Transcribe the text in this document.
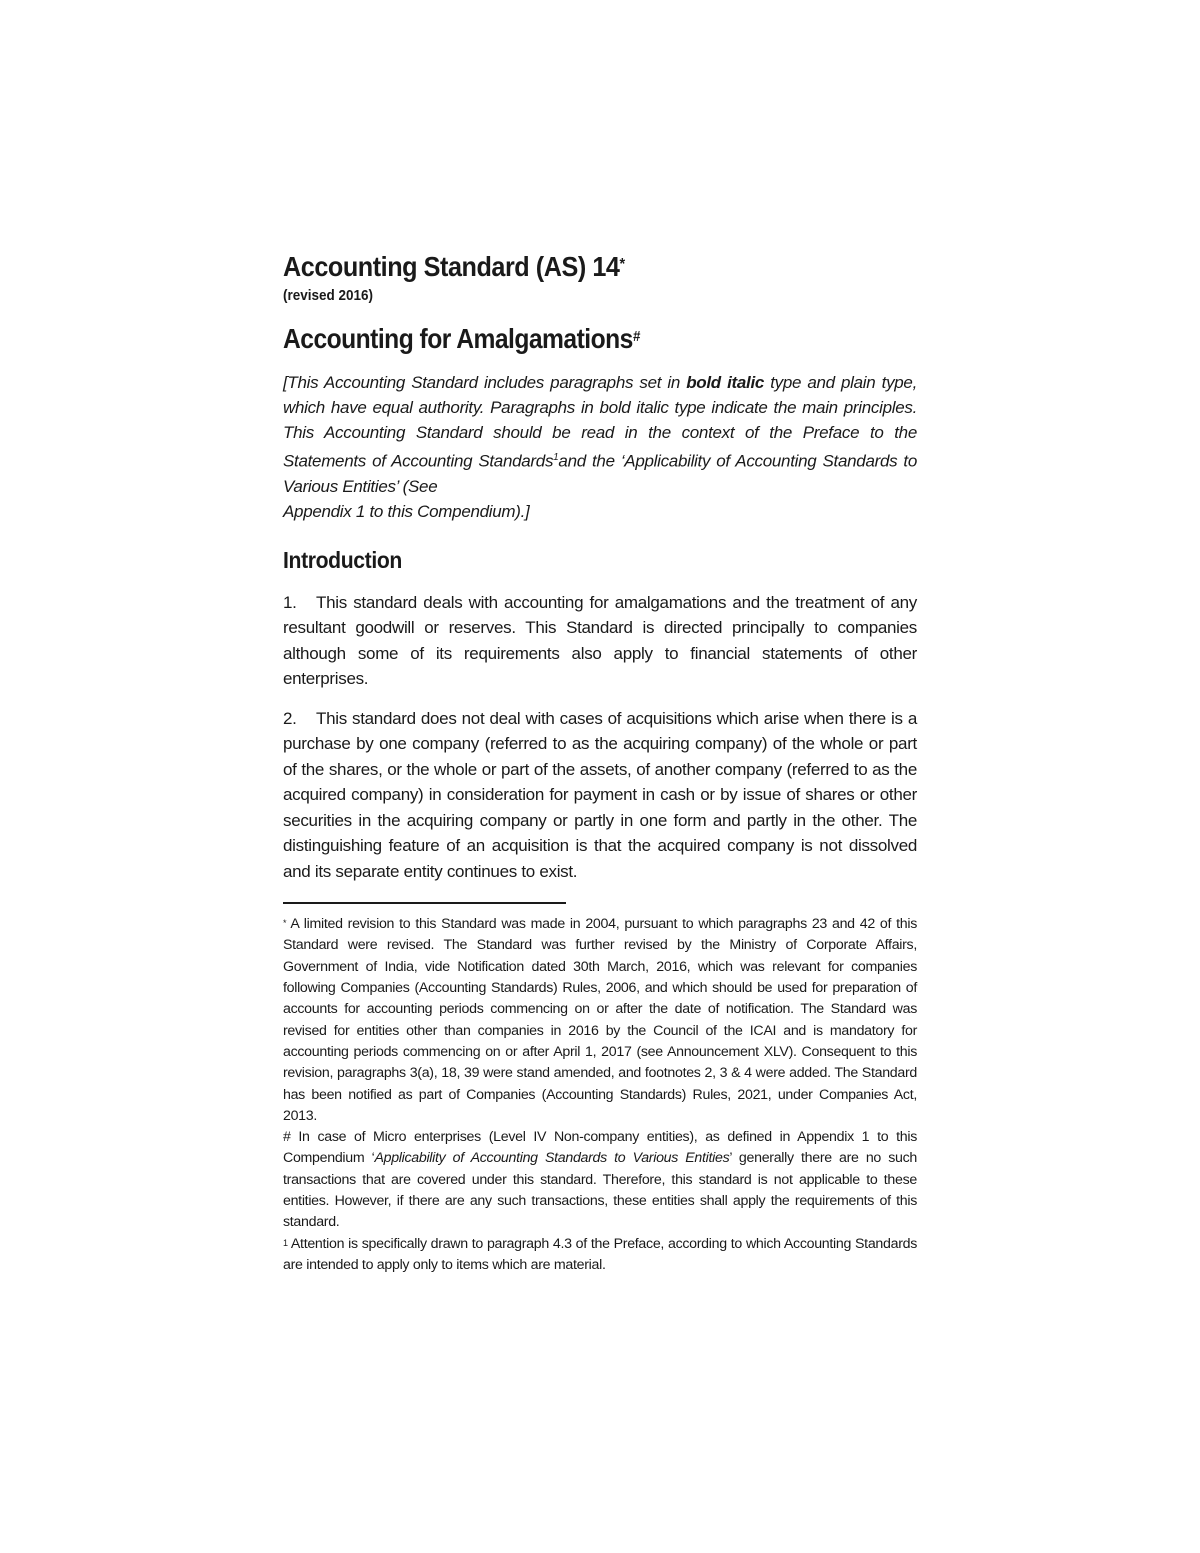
Accounting Standard (AS) 14*

(revised 2016)

Accounting for Amalgamations#

[This Accounting Standard includes paragraphs set in bold italic type and plain type, which have equal authority. Paragraphs in bold italic type indicate the main principles. This Accounting Standard should be read in the context of the Preface to the Statements of Accounting Standards$^1$and the ‘Applicability of Accounting Standards to Various Entities’ (See
Appendix 1 to this Compendium).]

Introduction

1. This standard deals with accounting for amalgamations and the treatment of any resultant goodwill or reserves. This Standard is directed principally to companies although some of its requirements also apply to financial statements of other enterprises.

2. This standard does not deal with cases of acquisitions which arise when there is a purchase by one company (referred to as the acquiring company) of the whole or part of the shares, or the whole or part of the assets, of another company (referred to as the acquired company) in consideration for payment in cash or by issue of shares or other securities in the acquiring company or partly in one form and partly in the other. The distinguishing feature of an acquisition is that the acquired company is not dissolved and its separate entity continues to exist.

* A limited revision to this Standard was made in 2004, pursuant to which paragraphs 23 and 42 of this Standard were revised. The Standard was further revised by the Ministry of Corporate Affairs, Government of India, vide Notification dated 30th March, 2016, which was relevant for companies following Companies (Accounting Standards) Rules, 2006, and which should be used for preparation of accounts for accounting periods commencing on or after the date of notification. The Standard was revised for entities other than companies in 2016 by the Council of the ICAI and is mandatory for accounting periods commencing on or after April 1, 2017 (see Announcement XLV). Consequent to this revision, paragraphs 3(a), 18, 39 were stand amended, and footnotes 2, 3 & 4 were added. The Standard has been notified as part of Companies (Accounting Standards) Rules, 2021, under Companies Act, 2013.

# In case of Micro enterprises (Level IV Non-company entities), as defined in Appendix 1 to this Compendium ‘Applicability of Accounting Standards to Various Entities’ generally there are no such transactions that are covered under this standard. Therefore, this standard is not applicable to these entities. However, if there are any such transactions, these entities shall apply the requirements of this standard.

$^1$ Attention is specifically drawn to paragraph 4.3 of the Preface, according to which Accounting Standards are intended to apply only to items which are material.
